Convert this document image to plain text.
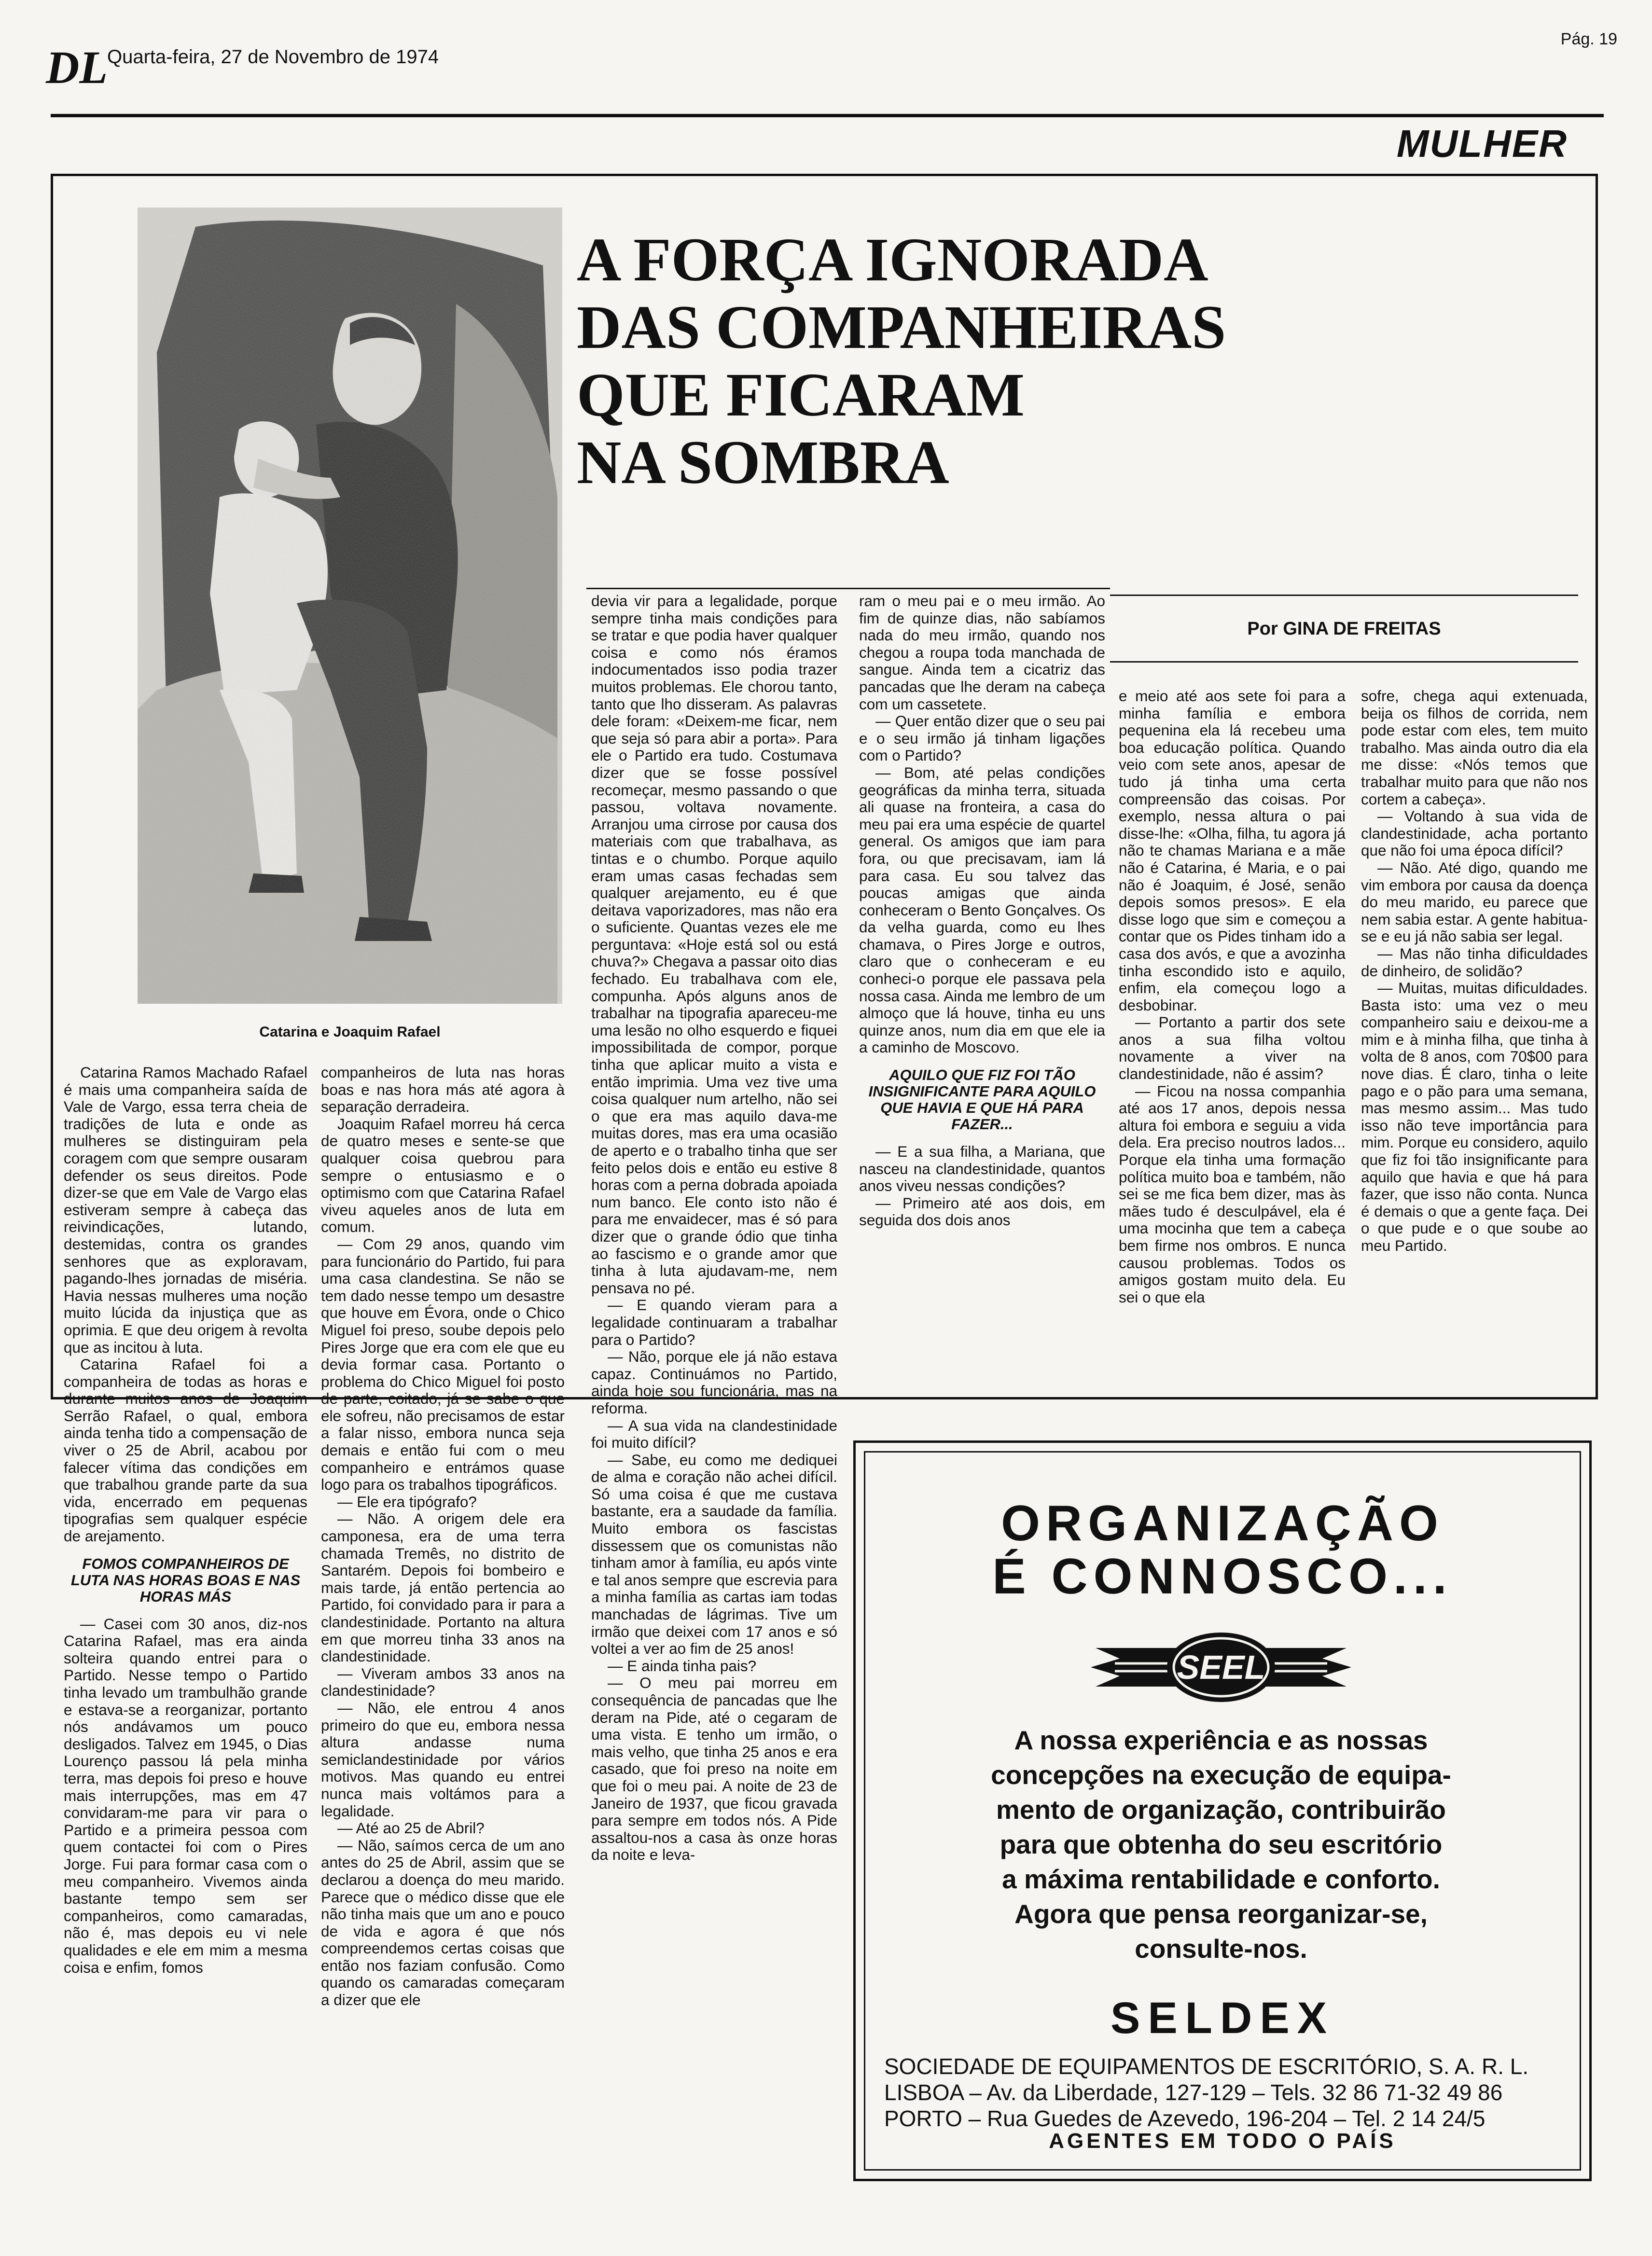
DL Quarta-feira, 27 de Novembro de 1974
Pág. 19
MULHER
Catarina e Joaquim Rafael
A FORÇA IGNORADA
DAS COMPANHEIRAS
QUE FICARAM
NA SOMBRA
Por GINA DE FREITAS

Catarina Ramos Machado Rafael é mais uma companheira saída de Vale de Vargo, essa terra cheia de tradições de luta e onde as mulheres se distinguiram pela coragem com que sempre ousaram defender os seus direitos. Pode dizer-se que em Vale de Vargo elas estiveram sempre à cabeça das reivindicações, lutando, destemidas, contra os grandes senhores que as exploravam, pagando-lhes jornadas de miséria. Havia nessas mulheres uma noção muito lúcida da injustiça que as oprimia. E que deu origem à revolta que as incitou à luta.

Catarina Rafael foi a companheira de todas as horas e durante muitos anos de Joaquim Serrão Rafael, o qual, embora ainda tenha tido a compensação de viver o 25 de Abril, acabou por falecer vítima das condições em que trabalhou grande parte da sua vida, encerrado em pequenas tipografias sem qualquer espécie de arejamento.

FOMOS COMPANHEIROS DE LUTA NAS HORAS BOAS E NAS HORAS MÁS

— Casei com 30 anos, diz-nos Catarina Rafael, mas era ainda solteira quando entrei para o Partido. Nesse tempo o Partido tinha levado um trambulhão grande e estava-se a reorganizar, portanto nós andávamos um pouco desligados. Talvez em 1945, o Dias Lourenço passou lá pela minha terra, mas depois foi preso e houve mais interrupções, mas em 47 convidaram-me para vir para o Partido e a primeira pessoa com quem contactei foi com o Pires Jorge. Fui para formar casa com o meu companheiro. Vivemos ainda bastante tempo sem ser companheiros, como camaradas, não é, mas depois eu vi nele qualidades e ele em mim a mesma coisa e enfim, fomos

companheiros de luta nas horas boas e nas hora más até agora à separação derradeira.

Joaquim Rafael morreu há cerca de quatro meses e sente-se que qualquer coisa quebrou para sempre o entusiasmo e o optimismo com que Catarina Rafael viveu aqueles anos de luta em comum.

— Com 29 anos, quando vim para funcionário do Partido, fui para uma casa clandestina. Se não se tem dado nesse tempo um desastre que houve em Évora, onde o Chico Miguel foi preso, soube depois pelo Pires Jorge que era com ele que eu devia formar casa. Portanto o problema do Chico Miguel foi posto de parte, coitado, já se sabe o que ele sofreu, não precisamos de estar a falar nisso, embora nunca seja demais e então fui com o meu companheiro e entrámos quase logo para os trabalhos tipográficos.

— Ele era tipógrafo?

— Não. A origem dele era camponesa, era de uma terra chamada Tremês, no distrito de Santarém. Depois foi bombeiro e mais tarde, já então pertencia ao Partido, foi convidado para ir para a clandestinidade. Portanto na altura em que morreu tinha 33 anos na clandestinidade.

— Viveram ambos 33 anos na clandestinidade?

— Não, ele entrou 4 anos primeiro do que eu, embora nessa altura andasse numa semiclandestinidade por vários motivos. Mas quando eu entrei nunca mais voltámos para a legalidade.

— Até ao 25 de Abril?

— Não, saímos cerca de um ano antes do 25 de Abril, assim que se declarou a doença do meu marido. Parece que o médico disse que ele não tinha mais que um ano e pouco de vida e agora é que nós compreendemos certas coisas que então nos faziam confusão. Como quando os camaradas começaram a dizer que ele

devia vir para a legalidade, porque sempre tinha mais condições para se tratar e que podia haver qualquer coisa e como nós éramos indocumentados isso podia trazer muitos problemas. Ele chorou tanto, tanto que lho disseram. As palavras dele foram: «Deixem-me ficar, nem que seja só para abir a porta». Para ele o Partido era tudo. Costumava dizer que se fosse possível recomeçar, mesmo passando o que passou, voltava novamente. Arranjou uma cirrose por causa dos materiais com que trabalhava, as tintas e o chumbo. Porque aquilo eram umas casas fechadas sem qualquer arejamento, eu é que deitava vaporizadores, mas não era o suficiente. Quantas vezes ele me perguntava: «Hoje está sol ou está chuva?» Chegava a passar oito dias fechado. Eu trabalhava com ele, compunha. Após alguns anos de trabalhar na tipografia apareceu-me uma lesão no olho esquerdo e fiquei impossibilitada de compor, porque tinha que aplicar muito a vista e então imprimia. Uma vez tive uma coisa qualquer num artelho, não sei o que era mas aquilo dava-me muitas dores, mas era uma ocasião de aperto e o trabalho tinha que ser feito pelos dois e então eu estive 8 horas com a perna dobrada apoiada num banco. Ele conto isto não é para me envaidecer, mas é só para dizer que o grande ódio que tinha ao fascismo e o grande amor que tinha à luta ajudavam-me, nem pensava no pé.

— E quando vieram para a legalidade continuaram a trabalhar para o Partido?

— Não, porque ele já não estava capaz. Continuámos no Partido, ainda hoje sou funcionária, mas na reforma.

— A sua vida na clandestinidade foi muito difícil?

— Sabe, eu como me dediquei de alma e coração não achei difícil. Só uma coisa é que me custava bastante, era a saudade da família. Muito embora os fascistas dissessem que os comunistas não tinham amor à família, eu após vinte e tal anos sempre que escrevia para a minha família as cartas iam todas manchadas de lágrimas. Tive um irmão que deixei com 17 anos e só voltei a ver ao fim de 25 anos!

— E ainda tinha pais?

— O meu pai morreu em consequência de pancadas que lhe deram na Pide, até o cegaram de uma vista. E tenho um irmão, o mais velho, que tinha 25 anos e era casado, que foi preso na noite em que foi o meu pai. A noite de 23 de Janeiro de 1937, que ficou gravada para sempre em todos nós. A Pide assaltou-nos a casa às onze horas da noite e leva-

ram o meu pai e o meu irmão. Ao fim de quinze dias, não sabíamos nada do meu irmão, quando nos chegou a roupa toda manchada de sangue. Ainda tem a cicatriz das pancadas que lhe deram na cabeça com um cassetete.

— Quer então dizer que o seu pai e o seu irmão já tinham ligações com o Partido?

— Bom, até pelas condições geográficas da minha terra, situada ali quase na fronteira, a casa do meu pai era uma espécie de quartel general. Os amigos que iam para fora, ou que precisavam, iam lá para casa. Eu sou talvez das poucas amigas que ainda conheceram o Bento Gonçalves. Os da velha guarda, como eu lhes chamava, o Pires Jorge e outros, claro que o conheceram e eu conheci-o porque ele passava pela nossa casa. Ainda me lembro de um almoço que lá houve, tinha eu uns quinze anos, num dia em que ele ia a caminho de Moscovo.

AQUILO QUE FIZ FOI TÃO INSIGNIFICANTE PARA AQUILO QUE HAVIA E QUE HÁ PARA FAZER...

— E a sua filha, a Mariana, que nasceu na clandestinidade, quantos anos viveu nessas condições?

— Primeiro até aos dois, em seguida dos dois anos

e meio até aos sete foi para a minha família e embora pequenina ela lá recebeu uma boa educação política. Quando veio com sete anos, apesar de tudo já tinha uma certa compreensão das coisas. Por exemplo, nessa altura o pai disse-lhe: «Olha, filha, tu agora já não te chamas Mariana e a mãe não é Catarina, é Maria, e o pai não é Joaquim, é José, senão depois somos presos». E ela disse logo que sim e começou a contar que os Pides tinham ido a casa dos avós, e que a avozinha tinha escondido isto e aquilo, enfim, ela começou logo a desbobinar.

— Portanto a partir dos sete anos a sua filha voltou novamente a viver na clandestinidade, não é assim?

— Ficou na nossa companhia até aos 17 anos, depois nessa altura foi embora e seguiu a vida dela. Era preciso noutros lados... Porque ela tinha uma formação política muito boa e também, não sei se me fica bem dizer, mas às mães tudo é desculpável, ela é uma mocinha que tem a cabeça bem firme nos ombros. E nunca causou problemas. Todos os amigos gostam muito dela. Eu sei o que ela

sofre, chega aqui extenuada, beija os filhos de corrida, nem pode estar com eles, tem muito trabalho. Mas ainda outro dia ela me disse: «Nós temos que trabalhar muito para que não nos cortem a cabeça».

— Voltando à sua vida de clandestinidade, acha portanto que não foi uma época difícil?

— Não. Até digo, quando me vim embora por causa da doença do meu marido, eu parece que nem sabia estar. A gente habitua-se e eu já não sabia ser legal.

— Mas não tinha dificuldades de dinheiro, de solidão?

— Muitas, muitas dificuldades. Basta isto: uma vez o meu companheiro saiu e deixou-me a mim e à minha filha, que tinha à volta de 8 anos, com 70$00 para nove dias. É claro, tinha o leite pago e o pão para uma semana, mas mesmo assim... Mas tudo isso não teve importância para mim. Porque eu considero, aquilo que fiz foi tão insignificante para aquilo que havia e que há para fazer, que isso não conta. Nunca é demais o que a gente faça. Dei o que pude e o que soube ao meu Partido.

ORGANIZAÇÃO
É CONNOSCO...
SEEL
A nossa experiência e as nossas
concepções na execução de equipa-
mento de organização, contribuirão
para que obtenha do seu escritório
a máxima rentabilidade e conforto.
Agora que pensa reorganizar-se,
consulte-nos.
SELDEX
SOCIEDADE DE EQUIPAMENTOS DE ESCRITÓRIO, S. A. R. L.
LISBOA – Av. da Liberdade, 127-129 – Tels. 32 86 71-32 49 86
PORTO – Rua Guedes de Azevedo, 196-204 – Tel. 2 14 24/5
AGENTES EM TODO O PAÍS
